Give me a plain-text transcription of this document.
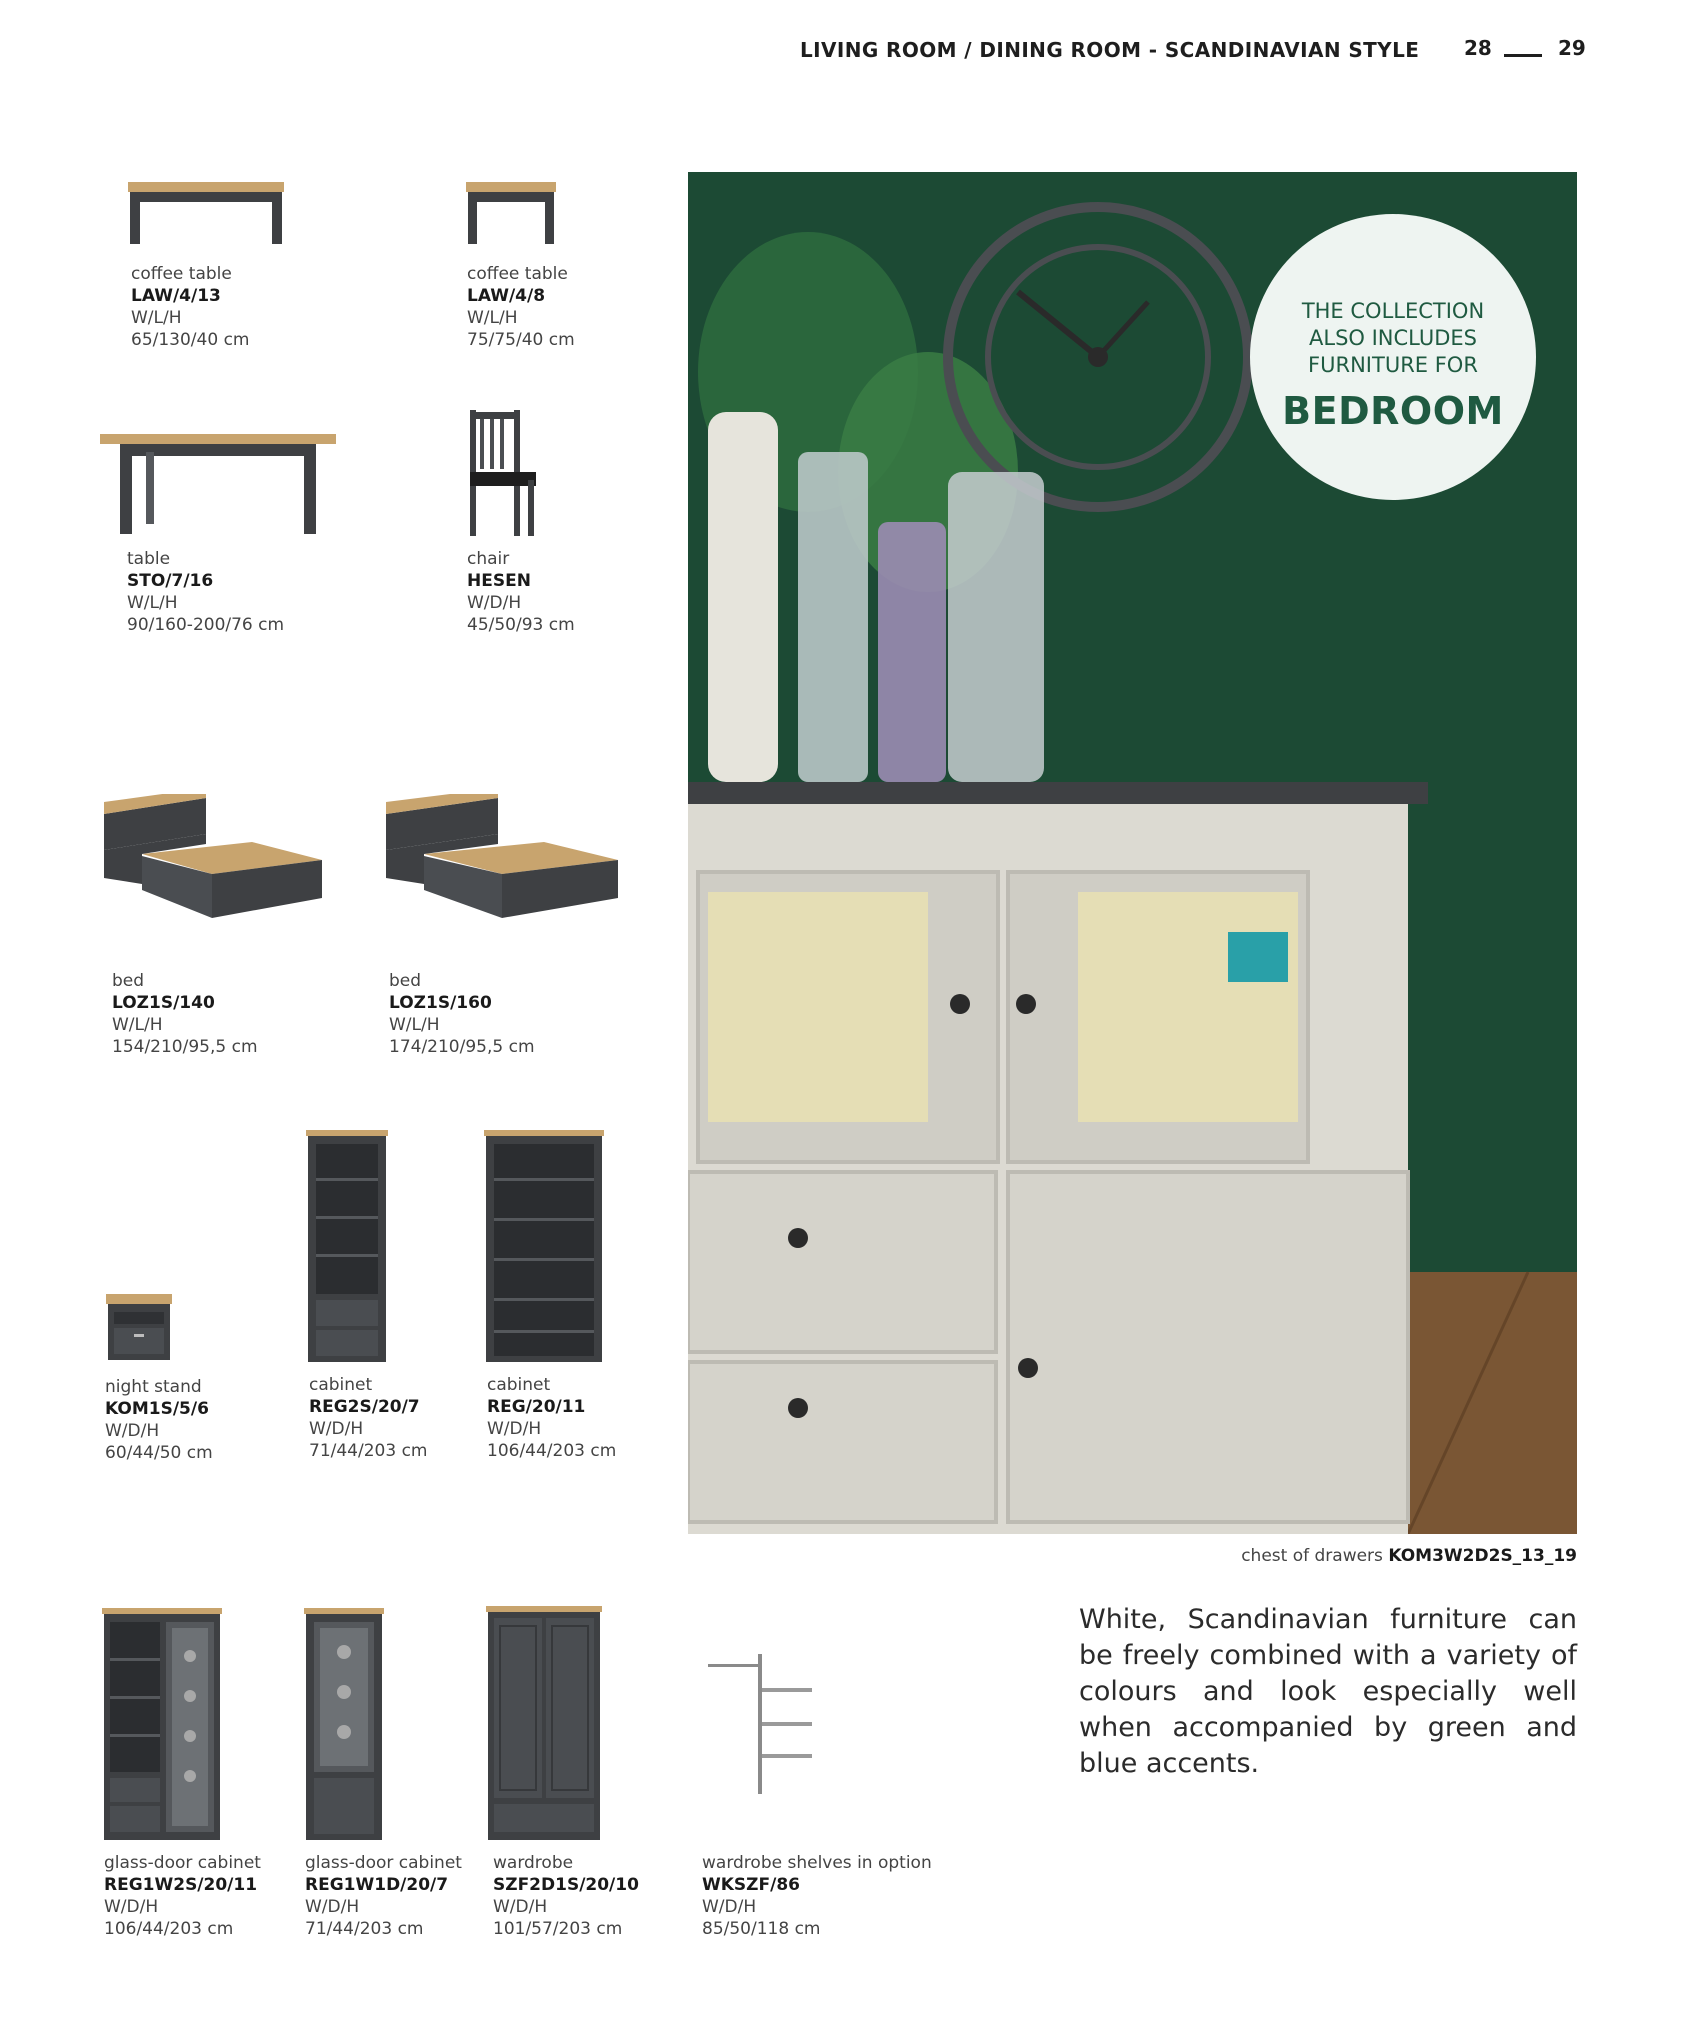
LIVING ROOM / DINING ROOM - SCANDINAVIAN STYLE 28	29
coffee table
LAW/4/13
W/L/H
65/130/40 cm
coffee table
LAW/4/8
W/L/H
75/75/40 cm
table
STO/7/16
W/L/H
90/160-200/76 cm
chair
HESEN
W/D/H
45/50/93 cm
bed
LOZ1S/140
W/L/H
154/210/95,5 cm
bed
LOZ1S/160
W/L/H
174/210/95,5 cm
night stand
KOM1S/5/6
W/D/H
60/44/50 cm
cabinet
REG2S/20/7
W/D/H
71/44/203 cm
cabinet
REG/20/11
W/D/H
106/44/203 cm
glass-door cabinet
REG1W2S/20/11
W/D/H
106/44/203 cm
glass-door cabinet
REG1W1D/20/7
W/D/H
71/44/203 cm
wardrobe
SZF2D1S/20/10
W/D/H
101/57/203 cm
wardrobe shelves in option
WKSZF/86
W/D/H
85/50/118 cm
THE COLLECTION
ALSO INCLUDES
FURNITURE FOR
BEDROOM
chest of drawers KOM3W2D2S_13_19
White, Scandinavian furniture can be freely combined with a variety of colours and look especially well when accompanied by green and blue accents.
